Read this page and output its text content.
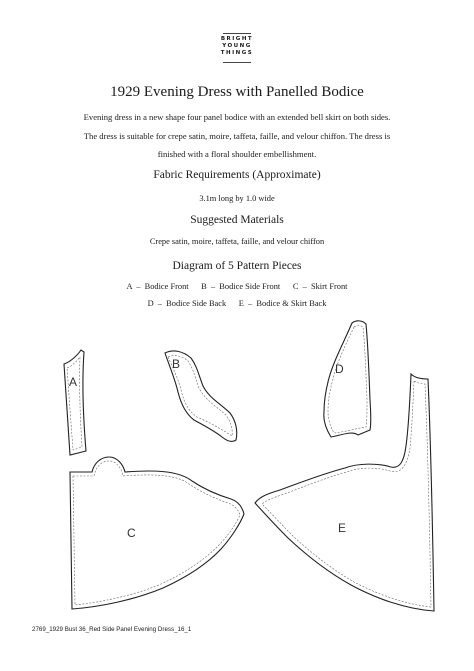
BRIGHT
YOUNG
THINGS
1929 Evening Dress with Panelled Bodice
Evening dress in a new shape four panel bodice with an extended bell skirt on both sides.
The dress is suitable for crepe satin, moire, taffeta, faille, and velour chiffon. The dress is
finished with a floral shoulder embellishment.
Fabric Requirements (Approximate)

3.1m long by 1.0 wide

Suggested Materials

Crepe satin, moire, taffeta, faille, and velour chiffon

Diagram of 5 Pattern Pieces
A  –  Bodice Front      B  –  Bodice Side Front      C  –  Skirt Front
D  –  Bodice Side Back      E  –  Bodice & Skirt Back
A
B	D
C	E
2769_1929 Bust 36_Red Side Panel Evening Dress_16_1
